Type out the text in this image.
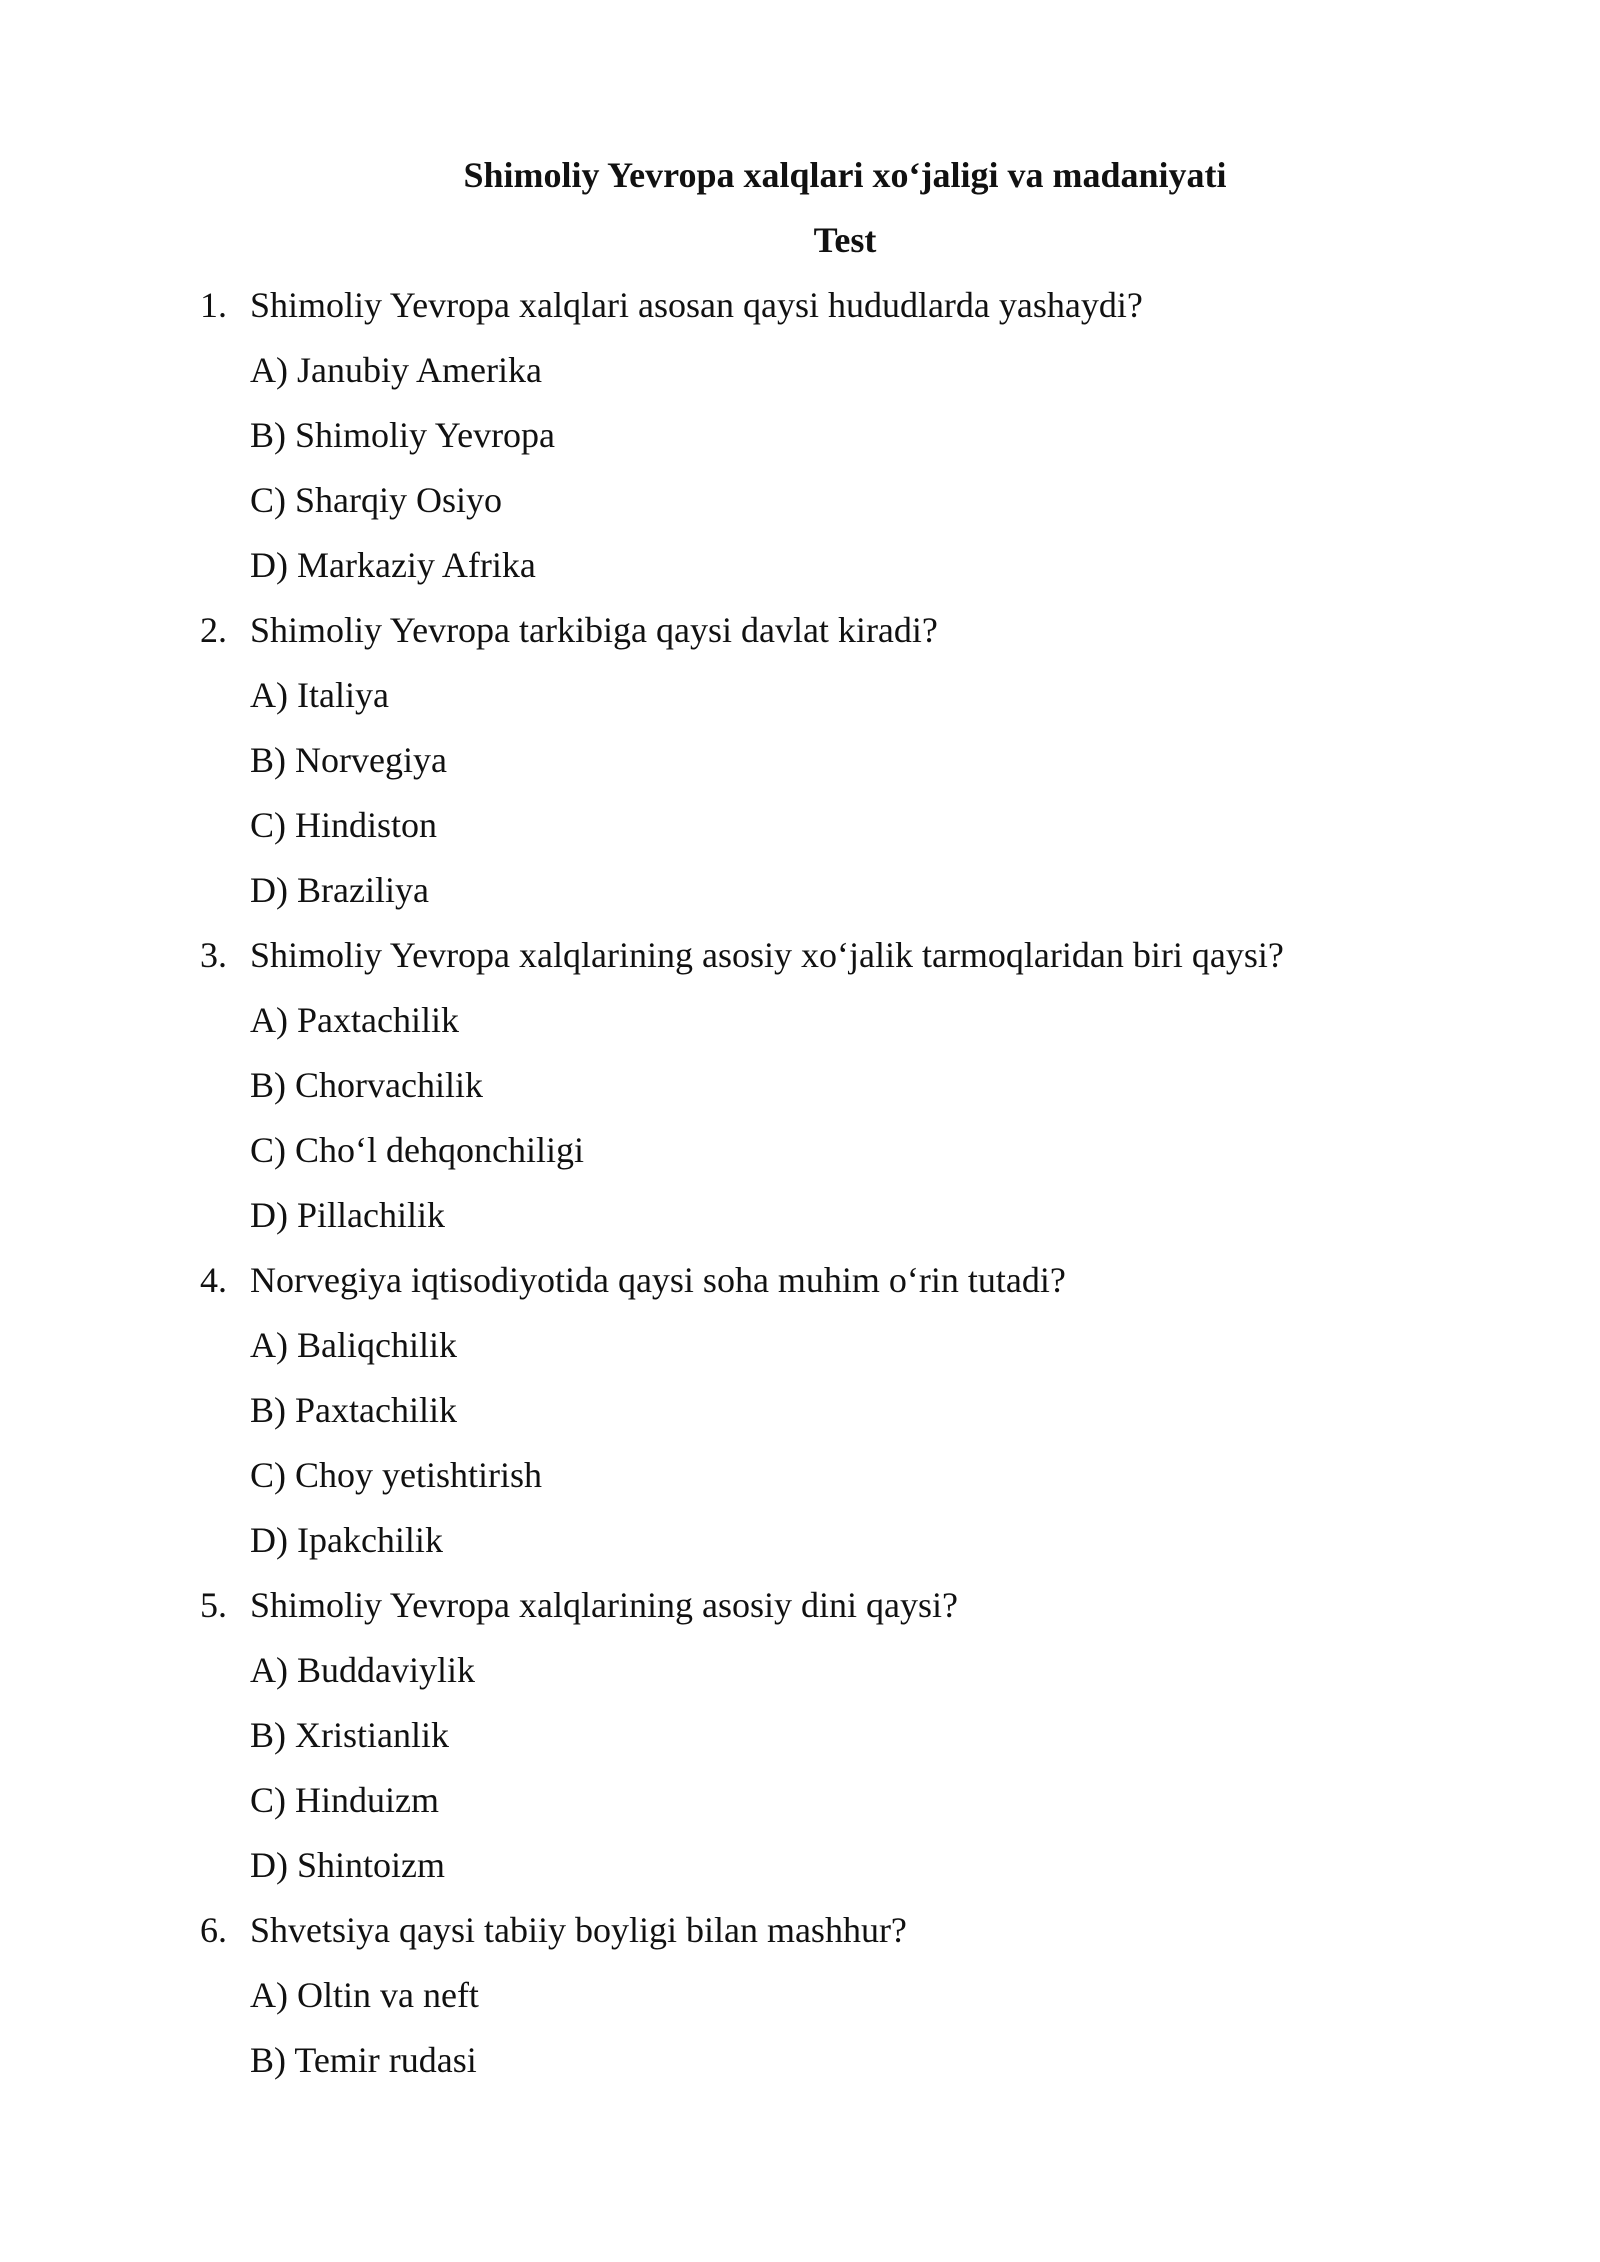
Shimoliy Yevropa xalqlari xo‘jaligi va madaniyati
Test
1. Shimoliy Yevropa xalqlari asosan qaysi hududlarda yashaydi?
A) Janubiy Amerika
B) Shimoliy Yevropa
C) Sharqiy Osiyo
D) Markaziy Afrika
2. Shimoliy Yevropa tarkibiga qaysi davlat kiradi?
A) Italiya
B) Norvegiya
C) Hindiston
D) Braziliya
3. Shimoliy Yevropa xalqlarining asosiy xo‘jalik tarmoqlaridan biri qaysi?
A) Paxtachilik
B) Chorvachilik
C) Cho‘l dehqonchiligi
D) Pillachilik
4. Norvegiya iqtisodiyotida qaysi soha muhim o‘rin tutadi?
A) Baliqchilik
B) Paxtachilik
C) Choy yetishtirish
D) Ipakchilik
5. Shimoliy Yevropa xalqlarining asosiy dini qaysi?
A) Buddaviylik
B) Xristianlik
C) Hinduizm
D) Shintoizm
6. Shvetsiya qaysi tabiiy boyligi bilan mashhur?
A) Oltin va neft
B) Temir rudasi
